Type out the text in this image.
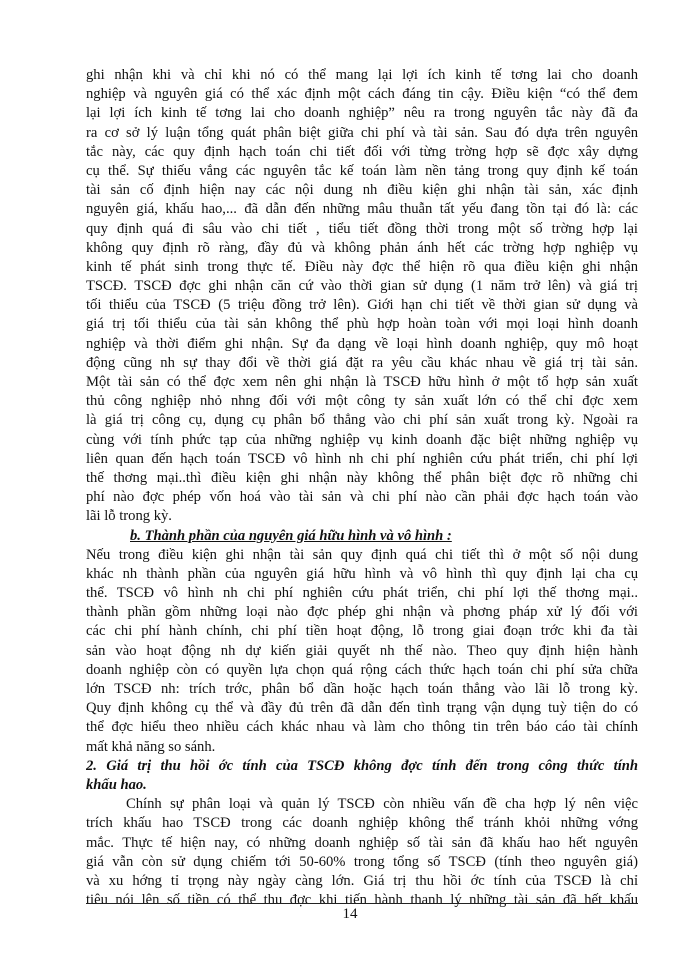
ghi nhận khi và chỉ khi nó có thể mang lại lợi ích kinh tế tơng lai cho doanh
nghiệp và nguyên giá có thể xác định một cách đáng tin cậy. Điều kiện “có thể đem
lại lợi ích kinh tế tơng lai cho doanh nghiệp” nêu ra trong nguyên tắc này đã đa
ra cơ sở lý luận tổng quát phân biệt giữa chi phí và tài sản. Sau đó dựa trên nguyên
tắc này, các quy định hạch toán chi tiết đối với từng trờng hợp sẽ đợc xây dựng
cụ thể. Sự thiếu vắng các nguyên tắc kế toán làm nền tảng trong quy định kế toán
tài sản cố định hiện nay các nội dung nh điều kiện ghi nhận tài sản, xác định
nguyên giá, khấu hao,... đã dẫn đến những mâu thuẫn tất yếu đang tồn tại đó là: các
quy định quá đi sâu vào chi tiết , tiểu tiết đồng thời trong một số trờng hợp lại
không quy định rõ ràng, đầy đủ và không phản ánh hết các trờng hợp nghiệp vụ
kinh tế phát sinh trong thực tế. Điều này đợc thể hiện rõ qua điều kiện ghi nhận
TSCĐ. TSCĐ đợc ghi nhận căn cứ vào thời gian sử dụng (1 năm trở lên) và giá trị
tối thiểu của TSCĐ (5 triệu đồng trở lên). Giới hạn chi tiết về thời gian sử dụng và
giá trị tối thiểu của tài sản không thể phù hợp hoàn toàn với mọi loại hình doanh
nghiệp và thời điểm ghi nhận. Sự đa dạng về loại hình doanh nghiệp, quy mô hoạt
động cũng nh sự thay đổi về thời giá đặt ra yêu cầu khác nhau về giá trị tài sản.
Một tài sản có thể đợc xem nên ghi nhận là TSCĐ hữu hình ở một tổ hợp sản xuất
thủ công nghiệp nhỏ nhng đối với một công ty sản xuất lớn có thể chỉ đợc xem
là giá trị công cụ, dụng cụ phân bổ thẳng vào chi phí sản xuất trong kỳ. Ngoài ra
cùng với tính phức tạp của những nghiệp vụ kinh doanh đặc biệt những nghiệp vụ
liên quan đến hạch toán TSCĐ vô hình nh chi phí nghiên cứu phát triển, chi phí lợi
thế thơng mại..thì điều kiện ghi nhận này không thể phân biệt đợc rõ những chi
phí nào đợc phép vốn hoá vào tài sản và chi phí nào cần phải đợc hạch toán vào
lãi lỗ trong kỳ.
b. Thành phần của nguyên giá hữu hình và vô hình :
Nếu trong điều kiện ghi nhận tài sản quy định quá chi tiết thì ở một số nội dung
khác nh thành phần của nguyên giá hữu hình và vô hình thì quy định lại cha cụ
thể. TSCĐ vô hình nh chi phí nghiên cứu phát triển, chi phí lợi thế thơng mại..
thành phần gồm những loại nào đợc phép ghi nhận và phơng pháp xử lý đối với
các chi phí hành chính, chi phí tiền hoạt động, lỗ trong giai đoạn trớc khi đa tài
sản vào hoạt động nh dự kiến giải quyết nh thế nào. Theo quy định hiện hành
doanh nghiệp còn có quyền lựa chọn quá rộng cách thức hạch toán chi phí sửa chữa
lớn TSCĐ nh: trích trớc, phân bổ dần hoặc hạch toán thẳng vào lãi lỗ trong kỳ.
Quy định không cụ thể và đầy đủ trên đã dẫn đến tình trạng vận dụng tuỳ tiện do có
thể đợc hiểu theo nhiều cách khác nhau và làm cho thông tin trên báo cáo tài chính
mất khả năng so sánh.
2. Giá trị thu hồi ớc tính của TSCĐ không đợc tính đến trong công thức tính
khấu hao.
Chính sự phân loại và quản lý TSCĐ còn nhiều vấn đề cha hợp lý nên việc
trích khấu hao TSCĐ trong các doanh nghiệp không thể tránh khỏi những vớng
mắc. Thực tế hiện nay, có những doanh nghiệp số tài sản đã khấu hao hết nguyên
giá vẫn còn sử dụng chiếm tới 50-60% trong tổng số TSCĐ (tính theo nguyên giá)
và xu hớng tỉ trọng này ngày càng lớn. Giá trị thu hồi ớc tính của TSCĐ là chỉ
tiêu nói lên số tiền có thể thu đợc khi tiến hành thanh lý những tài sản đã hết khấu
14
